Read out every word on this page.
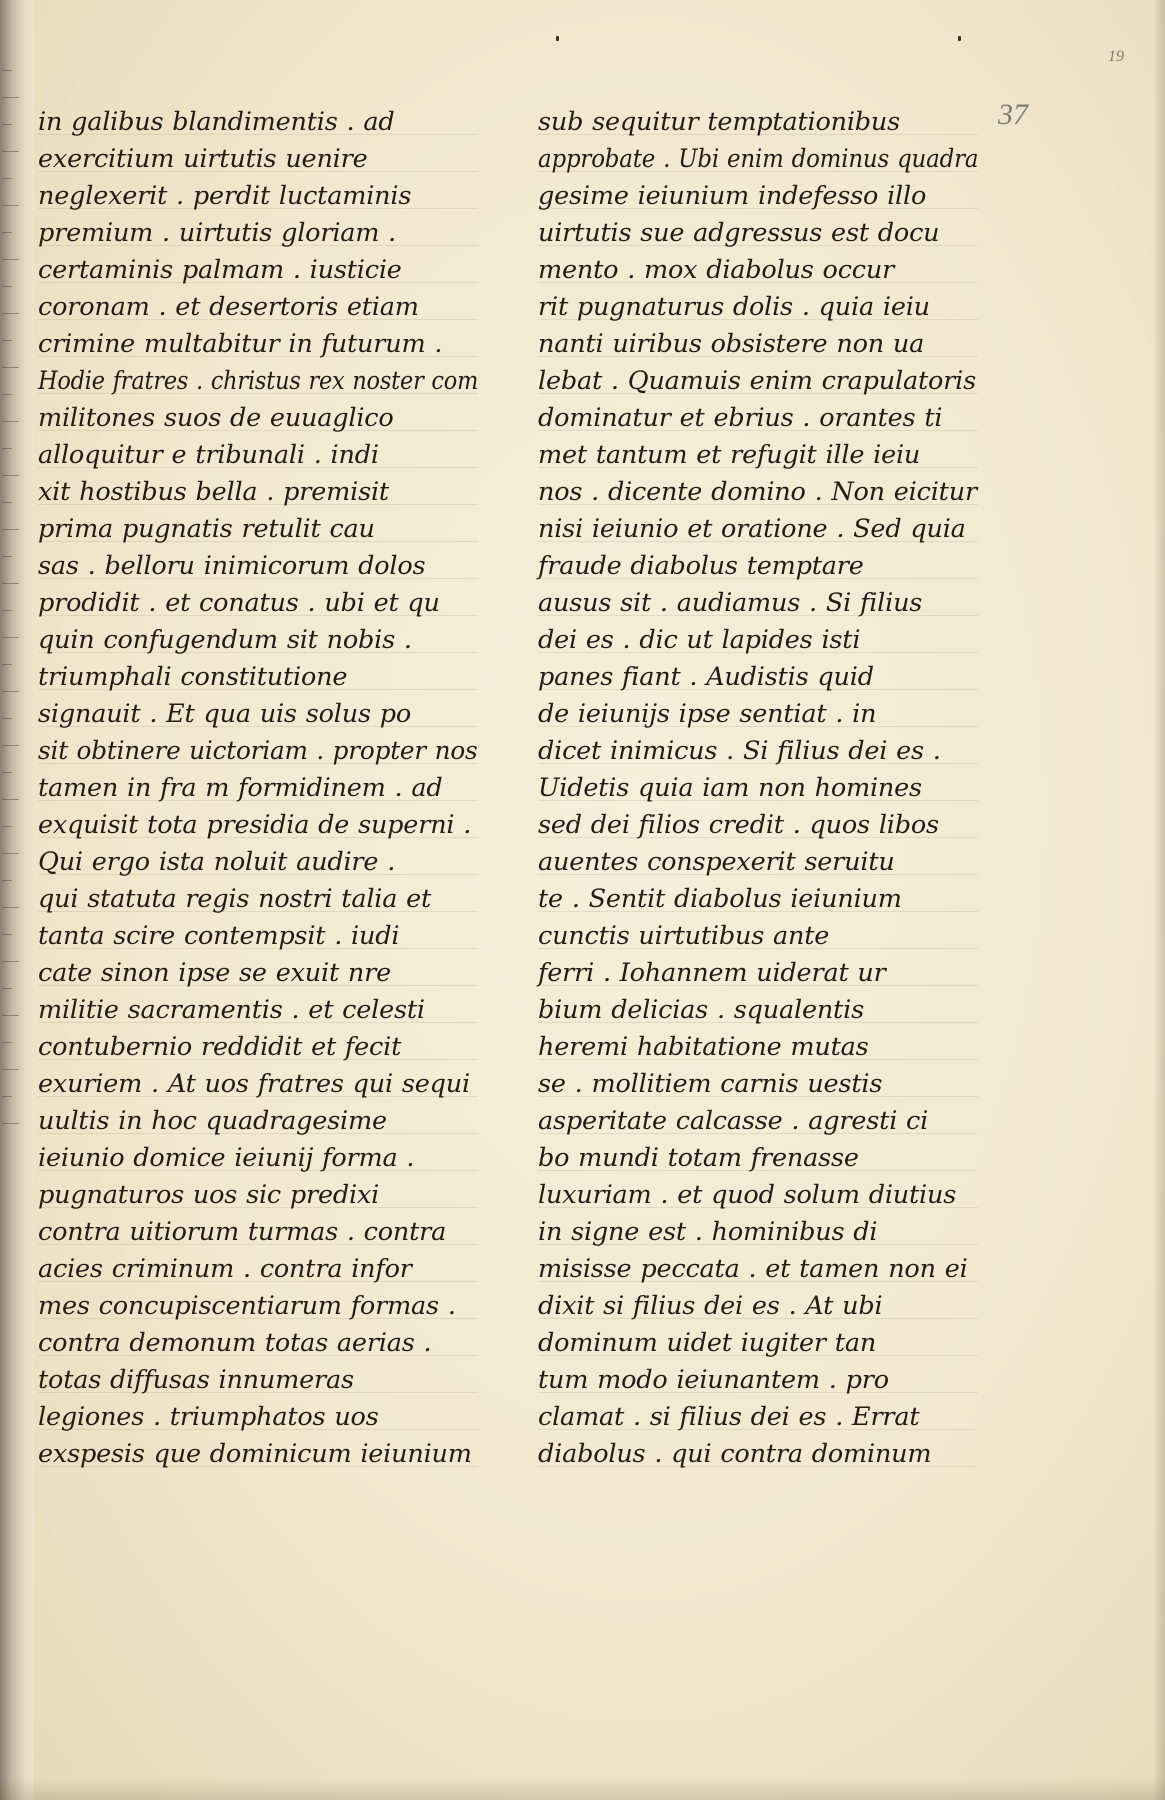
19
37
in galibus blandimentis . ad
exercitium uirtutis uenire
neglexerit . perdit luctaminis
premium . uirtutis gloriam .
certaminis palmam . iusticie
coronam . et desertoris etiam
crimine multabitur in futurum .
Hodie fratres . christus rex noster com
militones suos de euuaglico
alloquitur e tribunali . indi
xit hostibus bella . premisit
prima pugnatis retulit cau
sas . belloru inimicorum dolos
prodidit . et conatus . ubi et qu
quin confugendum sit nobis .
triumphali constitutione
signauit . Et qua uis solus po
sit obtinere uictoriam . propter nos
tamen in fra m formidinem . ad
exquisit tota presidia de superni .
Qui ergo ista noluit audire .
qui statuta regis nostri talia et
tanta scire contempsit . iudi
cate sinon ipse se exuit nre
militie sacramentis . et celesti
contubernio reddidit et fecit
exuriem . At uos fratres qui sequi
uultis in hoc quadragesime
ieiunio domice ieiunij forma .
pugnaturos uos sic predixi
contra uitiorum turmas . contra
acies criminum . contra infor
mes concupiscentiarum formas .
contra demonum totas aerias .
totas diffusas innumeras
legiones . triumphatos uos
exspesis que dominicum ieiunium
sub sequitur temptationibus
approbate . Ubi enim dominus quadra
gesime ieiunium indefesso illo
uirtutis sue adgressus est docu
mento . mox diabolus occur
rit pugnaturus dolis . quia ieiu
nanti uiribus obsistere non ua
lebat . Quamuis enim crapulatoris
dominatur et ebrius . orantes ti
met tantum et refugit ille ieiu
nos . dicente domino . Non eicitur
nisi ieiunio et oratione . Sed quia
fraude diabolus temptare
ausus sit . audiamus . Si filius
dei es . dic ut lapides isti
panes fiant . Audistis quid
de ieiunijs ipse sentiat . in
dicet inimicus . Si filius dei es .
Uidetis quia iam non homines
sed dei filios credit . quos libos
auentes conspexerit seruitu
te . Sentit diabolus ieiunium
cunctis uirtutibus ante
ferri . Iohannem uiderat ur
bium delicias . squalentis
heremi habitatione mutas
se . mollitiem carnis uestis
asperitate calcasse . agresti ci
bo mundi totam frenasse
luxuriam . et quod solum diutius
in signe est . hominibus di
misisse peccata . et tamen non ei
dixit si filius dei es . At ubi
dominum uidet iugiter tan
tum modo ieiunantem . pro
clamat . si filius dei es . Errat
diabolus . qui contra dominum
